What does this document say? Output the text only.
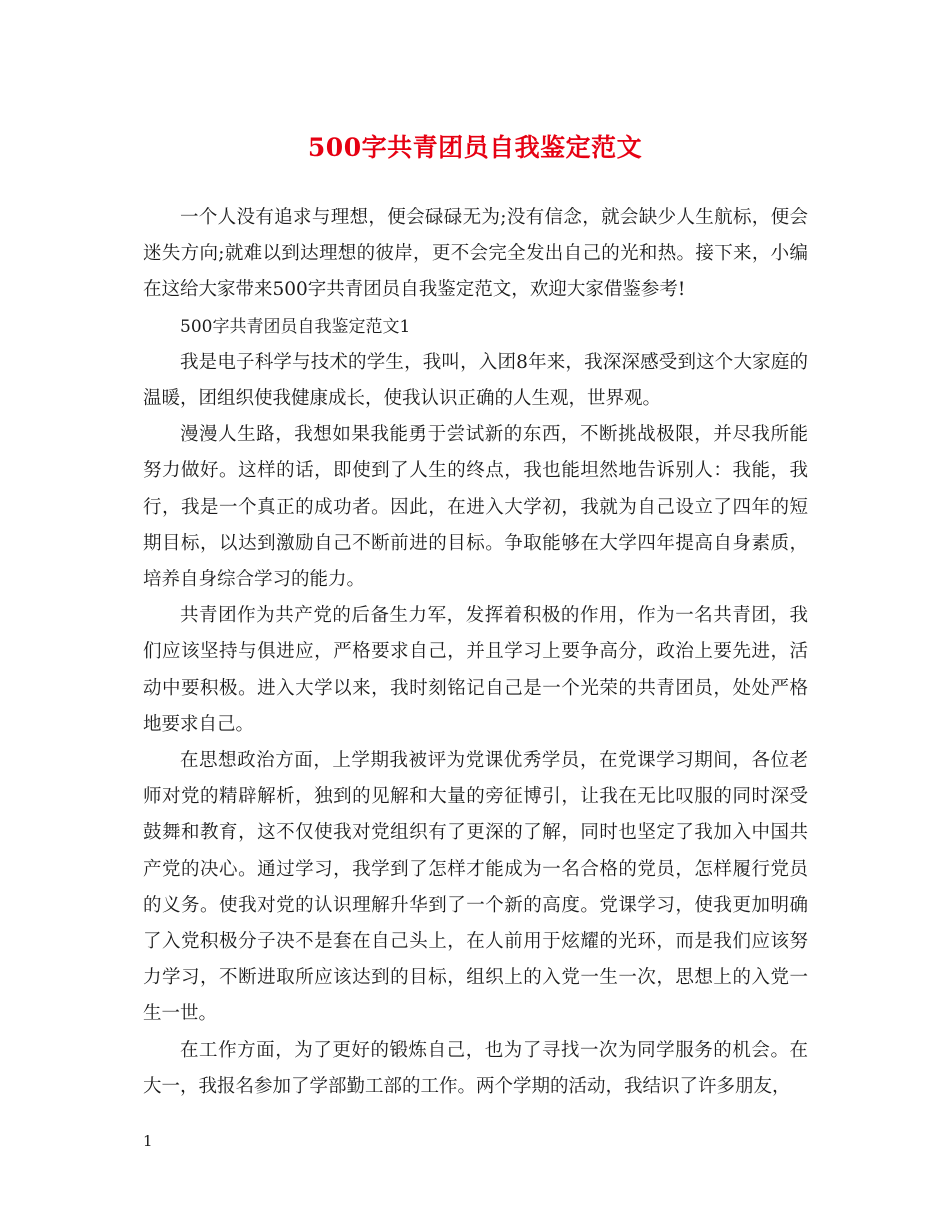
500字共青团员自我鉴定范文

一个人没有追求与理想，便会碌碌无为;没有信念，就会缺少人生航标，便会迷失方向;就难以到达理想的彼岸，更不会完全发出自己的光和热。接下来，小编在这给大家带来500字共青团员自我鉴定范文，欢迎大家借鉴参考!

500字共青团员自我鉴定范文1

我是电子科学与技术的学生，我叫，入团8年来，我深深感受到这个大家庭的温暖，团组织使我健康成长，使我认识正确的人生观，世界观。

漫漫人生路，我想如果我能勇于尝试新的东西，不断挑战极限，并尽我所能努力做好。这样的话，即使到了人生的终点，我也能坦然地告诉别人：我能，我行，我是一个真正的成功者。因此，在进入大学初，我就为自己设立了四年的短期目标，以达到激励自己不断前进的目标。争取能够在大学四年提高自身素质，培养自身综合学习的能力。

共青团作为共产党的后备生力军，发挥着积极的作用，作为一名共青团，我们应该坚持与俱进应，严格要求自己，并且学习上要争高分，政治上要先进，活动中要积极。进入大学以来，我时刻铭记自己是一个光荣的共青团员，处处严格地要求自己。

在思想政治方面，上学期我被评为党课优秀学员，在党课学习期间，各位老师对党的精辟解析，独到的见解和大量的旁征博引，让我在无比叹服的同时深受鼓舞和教育，这不仅使我对党组织有了更深的了解，同时也坚定了我加入中国共产党的决心。通过学习，我学到了怎样才能成为一名合格的党员，怎样履行党员的义务。使我对党的认识理解升华到了一个新的高度。党课学习，使我更加明确了入党积极分子决不是套在自己头上，在人前用于炫耀的光环，而是我们应该努力学习，不断进取所应该达到的目标，组织上的入党一生一次，思想上的入党一生一世。

在工作方面，为了更好的锻炼自己，也为了寻找一次为同学服务的机会。在大一，我报名参加了学部勤工部的工作。两个学期的活动，我结识了许多朋友，

1
